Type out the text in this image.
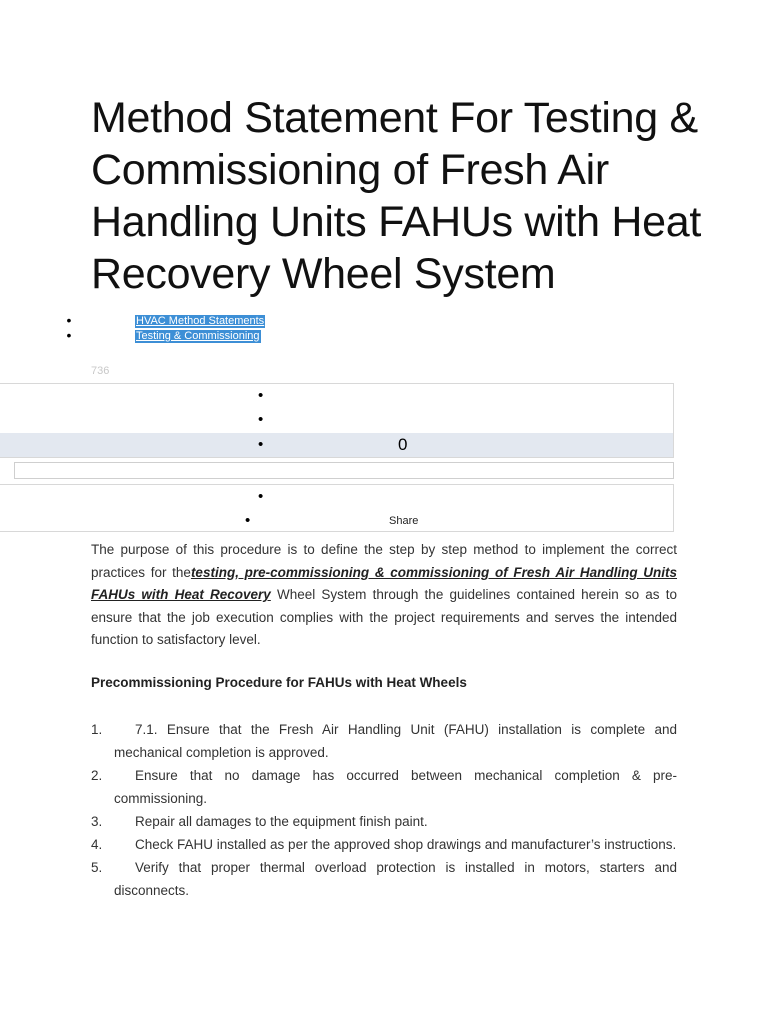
Method Statement For Testing & Commissioning of Fresh Air Handling Units FAHUs with Heat Recovery Wheel System
•	HVAC Method Statements
•	Testing & Commissioning
736
•
•
•	0
•
•	Share

The purpose of this procedure is to define the step by step method to implement the correct practices for thetesting, pre-commissioning & commissioning of Fresh Air Handling Units FAHUs with Heat Recovery Wheel System through the guidelines contained herein so as to ensure that the job execution complies with the project requirements and serves the intended function to satisfactory level.

Precommissioning Procedure for FAHUs with Heat Wheels
1.	7.1. Ensure that the Fresh Air Handling Unit (FAHU) installation is complete and mechanical completion is approved.
2.	Ensure that no damage has occurred between mechanical completion & pre-commissioning.
3.	Repair all damages to the equipment finish paint.
4.	Check FAHU installed as per the approved shop drawings and manufacturer’s instructions.
5.	Verify that proper thermal overload protection is installed in motors, starters and disconnects.
